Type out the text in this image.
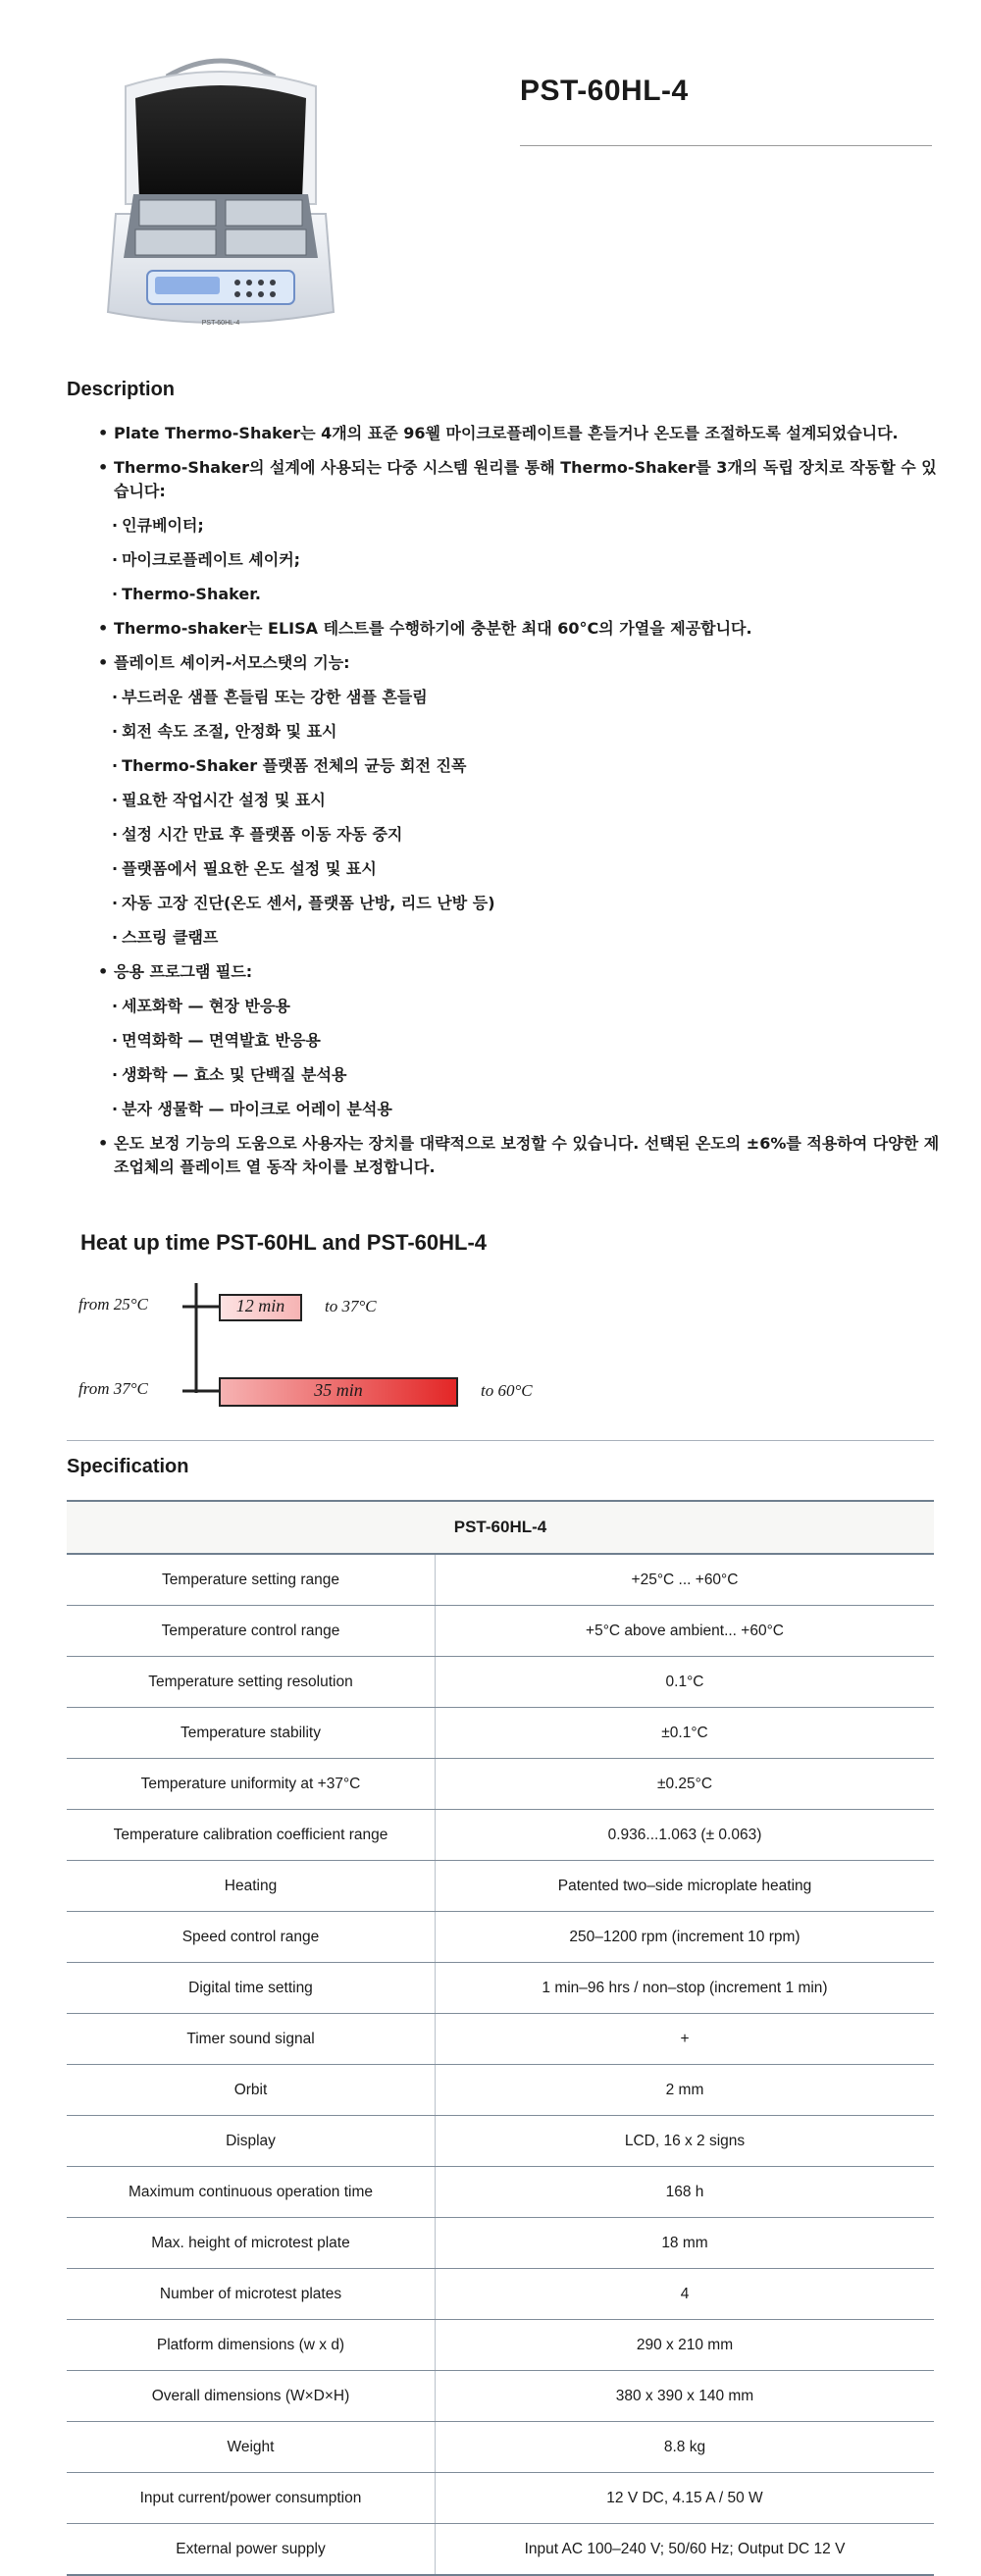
PST-60HL-4
PST-60HL-4
Description
• Plate Thermo-Shaker는 4개의 표준 96웰 마이크로플레이트를 흔들거나 온도를 조절하도록 설계되었습니다.
• Thermo-Shaker의 설계에 사용되는 다중 시스템 원리를 통해 Thermo-Shaker를 3개의 독립 장치로 작동할 수 있습니다:
· 인큐베이터;
· 마이크로플레이트 셰이커;
· Thermo-Shaker.
• Thermo-shaker는 ELISA 테스트를 수행하기에 충분한 최대 60°C의 가열을 제공합니다.
• 플레이트 셰이커-서모스탯의 기능:
· 부드러운 샘플 흔들림 또는 강한 샘플 흔들림
· 회전 속도 조절, 안정화 및 표시
· Thermo-Shaker 플랫폼 전체의 균등 회전 진폭
· 필요한 작업시간 설정 및 표시
· 설정 시간 만료 후 플랫폼 이동 자동 중지
· 플랫폼에서 필요한 온도 설정 및 표시
· 자동 고장 진단(온도 센서, 플랫폼 난방, 리드 난방 등)
· 스프링 클램프
• 응용 프로그램 필드:
· 세포화학 — 현장 반응용
· 면역화학 — 면역발효 반응용
· 생화학 — 효소 및 단백질 분석용
· 분자 생물학 — 마이크로 어레이 분석용
• 온도 보정 기능의 도움으로 사용자는 장치를 대략적으로 보정할 수 있습니다. 선택된 온도의 ±6%를 적용하여 다양한 제조업체의 플레이트 열 동작 차이를 보정합니다.
Heat up time PST-60HL and PST-60HL-4
from 25°C	12 min	to 37°C
from 37°C	35 min	to 60°C
Specification
PST-60HL-4	
Temperature setting range	+25°C ... +60°C
Temperature control range	+5°C above ambient... +60°C
Temperature setting resolution	0.1°C
Temperature stability	±0.1°C
Temperature uniformity at +37°C	±0.25°C
Temperature calibration coefficient range	0.936...1.063 (± 0.063)
Heating	Patented two–side microplate heating
Speed control range	250–1200 rpm (increment 10 rpm)
Digital time setting	1 min–96 hrs / non–stop (increment 1 min)
Timer sound signal	+
Orbit	2 mm
Display	LCD, 16 x 2 signs
Maximum continuous operation time	168 h
Max. height of microtest plate	18 mm
Number of microtest plates	4
Platform dimensions (w x d)	290 x 210 mm
Overall dimensions (W×D×H)	380 x 390 x 140 mm
Weight	8.8 kg
Input current/power consumption	12 V DC, 4.15 A / 50 W
External power supply	Input AC 100–240 V; 50/60 Hz; Output DC 12 V
